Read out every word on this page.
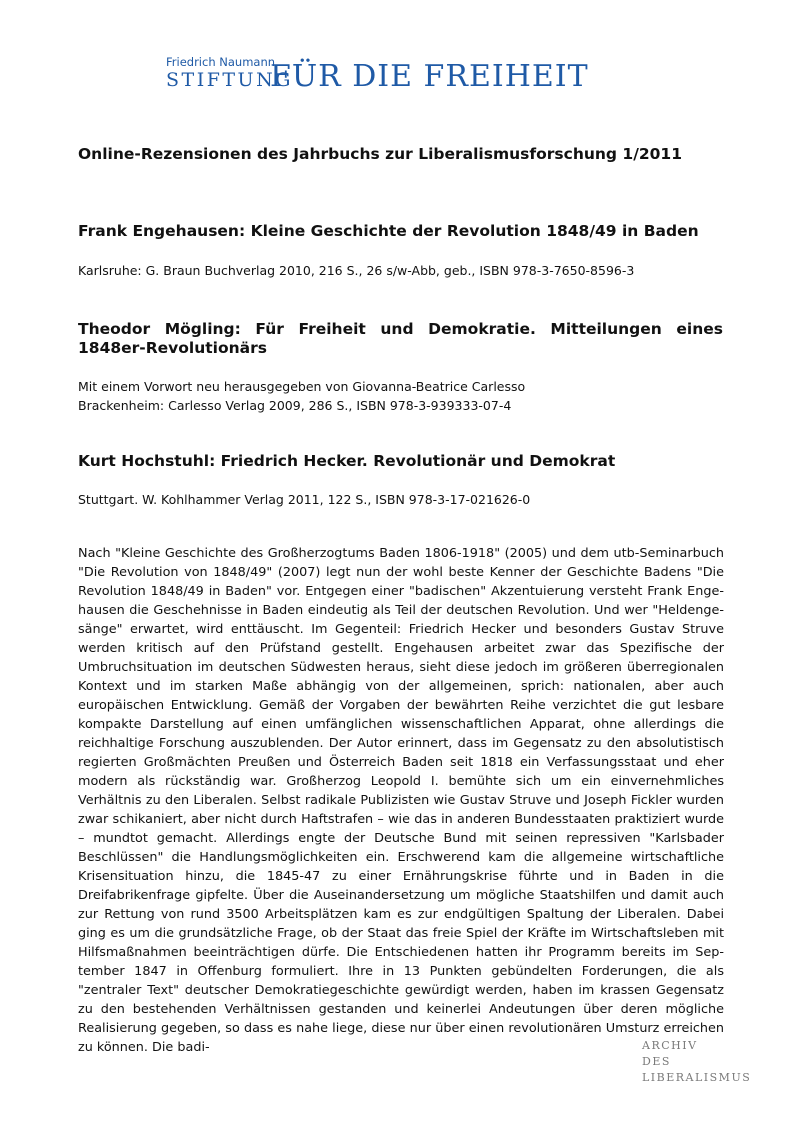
Friedrich Naumann
STIFTUNG
FÜR DIE FREIHEIT
Online-Rezensionen des Jahrbuchs zur Liberalismusforschung 1/2011
Frank Engehausen: Kleine Geschichte der Revolution 1848/49 in Baden

Karlsruhe: G. Braun Buchverlag 2010, 216 S., 26 s/w-Abb, geb., ISBN 978-3-7650-8596-3

Theodor Mögling: Für Freiheit und Demokratie. Mitteilungen eines 1848er-Revolutionärs

Mit einem Vorwort neu herausgegeben von Giovanna-Beatrice Carlesso

Brackenheim: Carlesso Verlag 2009, 286 S., ISBN 978-3-939333-07-4

Kurt Hochstuhl: Friedrich Hecker. Revolutionär und Demokrat

Stuttgart. W. Kohlhammer Verlag 2011, 122 S., ISBN 978-3-17-021626-0

Nach "Kleine Geschichte des Großherzogtums Baden 1806-1918" (2005) und dem utb-Seminarbuch "Die Revolution von 1848/49" (2007) legt nun der wohl beste Kenner der Geschichte Badens "Die Revolution 1848/49 in Baden" vor. Entgegen einer "badischen" Akzentuierung versteht Frank Engehausen die Geschehnisse in Baden eindeutig als Teil der deutschen Revolution. Und wer "Heldengesänge" erwartet, wird enttäuscht. Im Gegenteil: Friedrich Hecker und besonders Gustav Struve werden kritisch auf den Prüfstand gestellt. Engehausen arbeitet zwar das Spezifische der Umbruchsituation im deutschen Südwesten heraus, sieht diese jedoch im größeren überregionalen Kontext und im starken Maße abhängig von der allgemeinen, sprich: nationalen, aber auch europäischen Entwicklung. Gemäß der Vorgaben der bewährten Reihe verzichtet die gut lesbare kompakte Darstellung auf einen umfänglichen wissenschaftlichen Apparat, ohne allerdings die reichhaltige Forschung auszublenden. Der Autor erinnert, dass im Gegensatz zu den absolutistisch regierten Großmächten Preußen und Österreich Baden seit 1818 ein Verfassungsstaat und eher modern als rückständig war. Großherzog Leopold I. bemühte sich um ein einvernehmliches Verhältnis zu den Liberalen. Selbst radikale Publizisten wie Gustav Struve und Joseph Fickler wurden zwar schikaniert, aber nicht durch Haftstrafen – wie das in anderen Bundesstaaten praktiziert wurde – mundtot gemacht. Allerdings engte der Deutsche Bund mit seinen repressiven "Karlsbader Beschlüssen" die Handlungsmöglichkeiten ein. Erschwerend kam die allgemeine wirtschaftliche Krisensituation hinzu, die 1845-47 zu einer Ernährungskrise führte und in Baden in die Dreifabrikenfrage gipfelte. Über die Auseinandersetzung um mögliche Staatshilfen und damit auch zur Rettung von rund 3500 Arbeitsplätzen kam es zur endgültigen Spaltung der Liberalen. Dabei ging es um die grundsätzliche Frage, ob der Staat das freie Spiel der Kräfte im Wirtschaftsleben mit Hilfsmaßnahmen beeinträchtigen dürfe. Die Entschiedenen hatten ihr Programm bereits im September 1847 in Offenburg formuliert. Ihre in 13 Punkten gebündelten Forderungen, die als "zentraler Text" deutscher Demokratiegeschichte gewürdigt werden, haben im krassen Gegensatz zu den bestehenden Verhältnissen gestanden und keinerlei Andeutungen über deren mögliche Realisierung gegeben, so dass es nahe liege, diese nur über einen revolutionären Umsturz erreichen zu können. Die badi-	ARCHIV
DES
LIBERALISMUS
